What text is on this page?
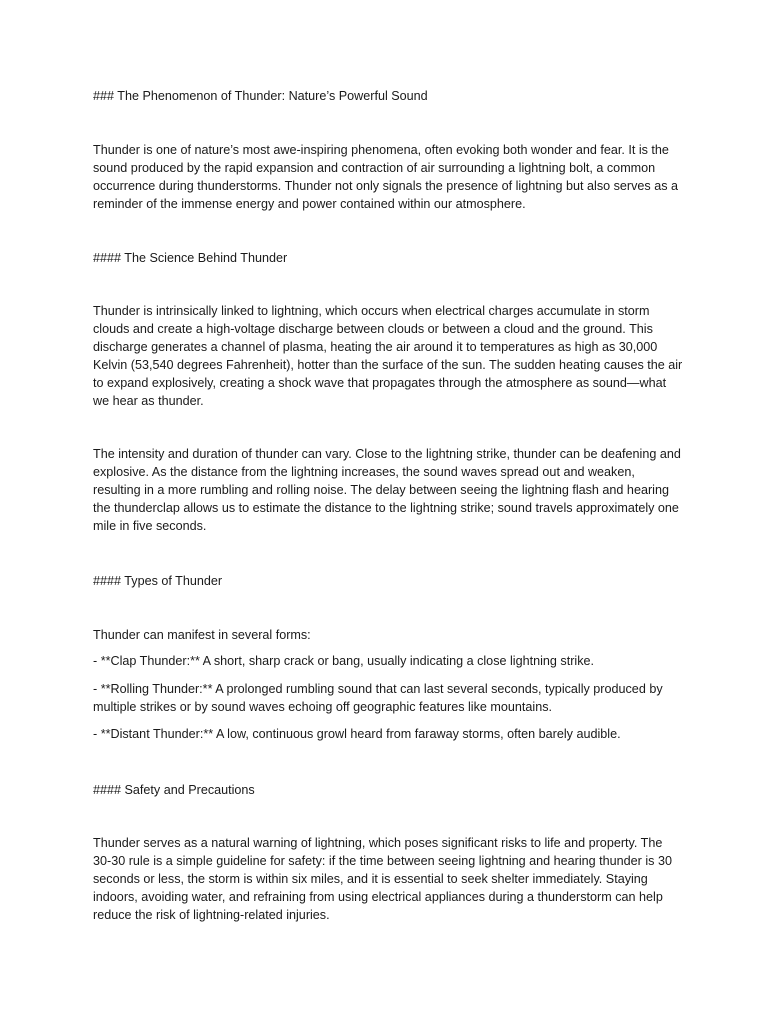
### The Phenomenon of Thunder: Nature’s Powerful Sound

Thunder is one of nature’s most awe-inspiring phenomena, often evoking both wonder and fear. It is the sound produced by the rapid expansion and contraction of air surrounding a lightning bolt, a common occurrence during thunderstorms. Thunder not only signals the presence of lightning but also serves as a reminder of the immense energy and power contained within our atmosphere.

#### The Science Behind Thunder

Thunder is intrinsically linked to lightning, which occurs when electrical charges accumulate in storm clouds and create a high-voltage discharge between clouds or between a cloud and the ground. This discharge generates a channel of plasma, heating the air around it to temperatures as high as 30,000 Kelvin (53,540 degrees Fahrenheit), hotter than the surface of the sun. The sudden heating causes the air to expand explosively, creating a shock wave that propagates through the atmosphere as sound—what we hear as thunder.

The intensity and duration of thunder can vary. Close to the lightning strike, thunder can be deafening and explosive. As the distance from the lightning increases, the sound waves spread out and weaken, resulting in a more rumbling and rolling noise. The delay between seeing the lightning flash and hearing the thunderclap allows us to estimate the distance to the lightning strike; sound travels approximately one mile in five seconds.

#### Types of Thunder

Thunder can manifest in several forms:

- **Clap Thunder:** A short, sharp crack or bang, usually indicating a close lightning strike.

- **Rolling Thunder:** A prolonged rumbling sound that can last several seconds, typically produced by multiple strikes or by sound waves echoing off geographic features like mountains.

- **Distant Thunder:** A low, continuous growl heard from faraway storms, often barely audible.

#### Safety and Precautions

Thunder serves as a natural warning of lightning, which poses significant risks to life and property. The 30-30 rule is a simple guideline for safety: if the time between seeing lightning and hearing thunder is 30 seconds or less, the storm is within six miles, and it is essential to seek shelter immediately. Staying indoors, avoiding water, and refraining from using electrical appliances during a thunderstorm can help reduce the risk of lightning-related injuries.
